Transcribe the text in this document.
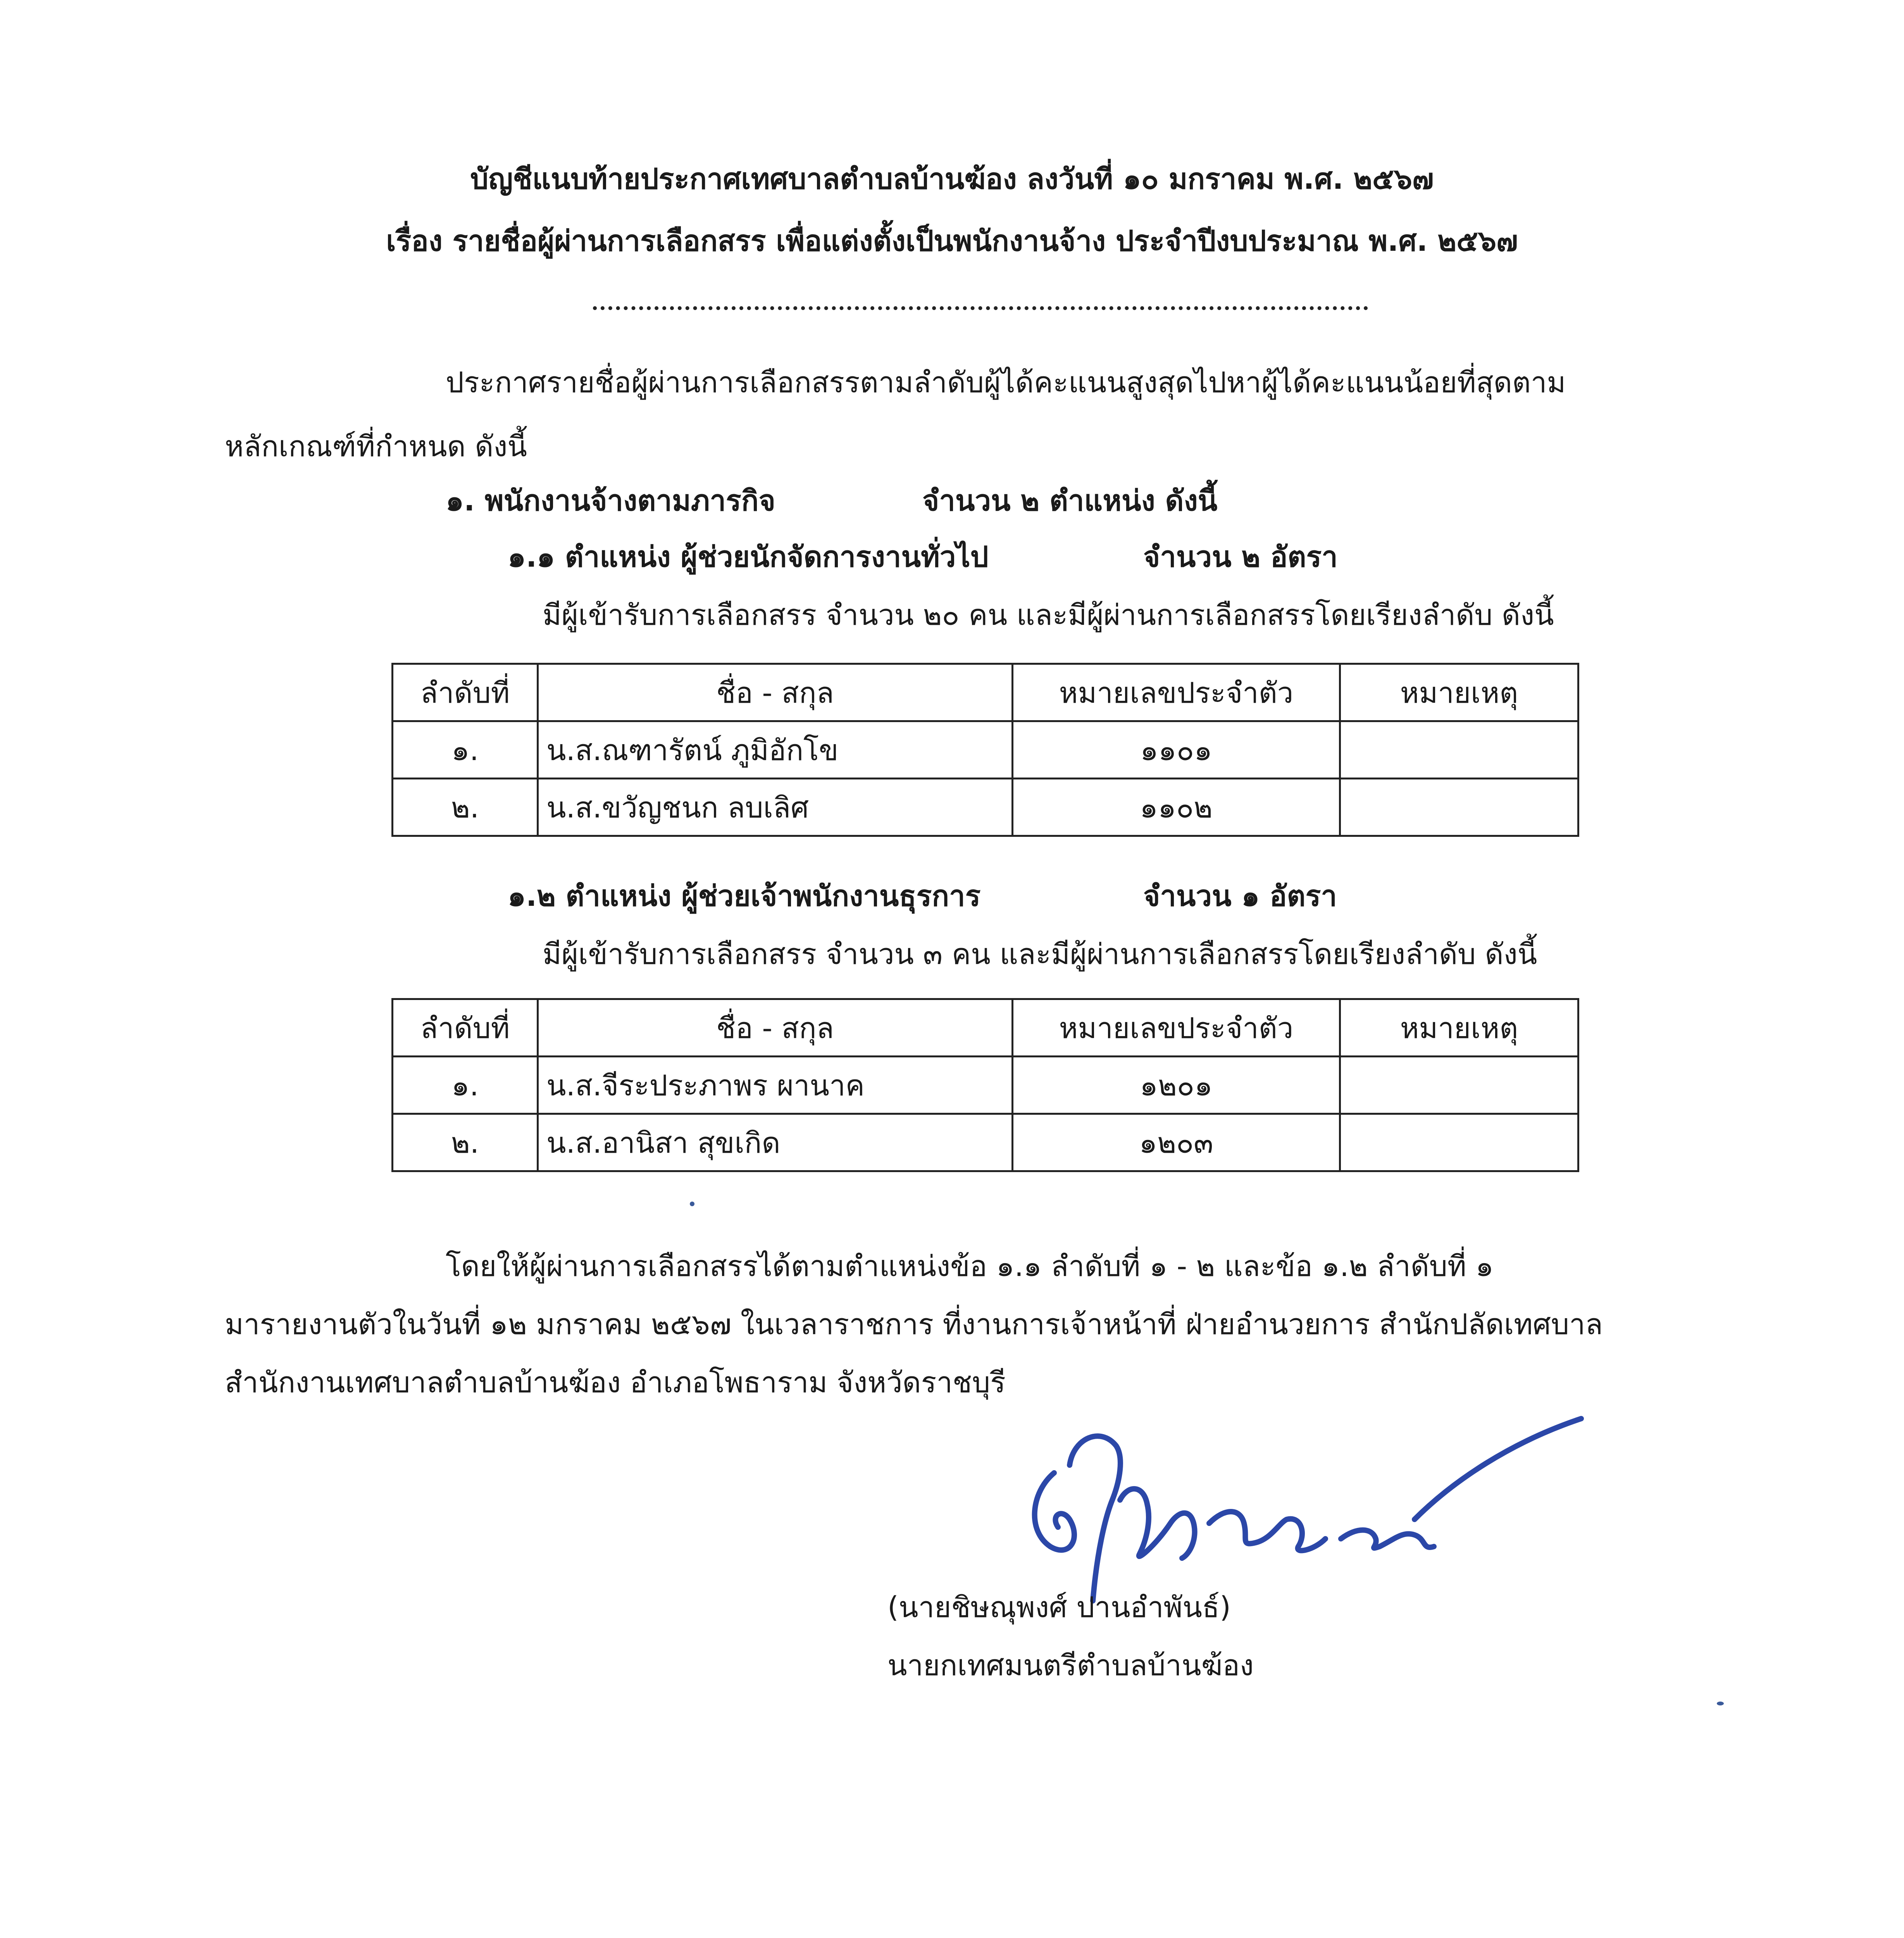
บัญชีแนบท้ายประกาศเทศบาลตำบลบ้านฆ้อง ลงวันที่ ๑๐ มกราคม พ.ศ. ๒๕๖๗
เรื่อง รายชื่อผู้ผ่านการเลือกสรร เพื่อแต่งตั้งเป็นพนักงานจ้าง ประจำปีงบประมาณ พ.ศ. ๒๕๖๗
ประกาศรายชื่อผู้ผ่านการเลือกสรรตามลำดับผู้ได้คะแนนสูงสุดไปหาผู้ได้คะแนนน้อยที่สุดตาม
หลักเกณฑ์ที่กำหนด ดังนี้
๑. พนักงานจ้างตามภารกิจ	จำนวน ๒ ตำแหน่ง ดังนี้
๑.๑ ตำแหน่ง ผู้ช่วยนักจัดการงานทั่วไป	จำนวน ๒ อัตรา
มีผู้เข้ารับการเลือกสรร จำนวน ๒๐ คน และมีผู้ผ่านการเลือกสรรโดยเรียงลำดับ ดังนี้
ลำดับที่	ชื่อ - สกุล	หมายเลขประจำตัว	หมายเหตุ
๑.	น.ส.ณฑารัตน์ ภูมิอักโข	๑๑๐๑	
๒.	น.ส.ขวัญชนก ลบเลิศ	๑๑๐๒	
๑.๒ ตำแหน่ง ผู้ช่วยเจ้าพนักงานธุรการ	จำนวน ๑ อัตรา
มีผู้เข้ารับการเลือกสรร จำนวน ๓ คน และมีผู้ผ่านการเลือกสรรโดยเรียงลำดับ ดังนี้
ลำดับที่	ชื่อ - สกุล	หมายเลขประจำตัว	หมายเหตุ
๑.	น.ส.จีระประภาพร ผานาค	๑๒๐๑	
๒.	น.ส.อานิสา สุขเกิด	๑๒๐๓	
โดยให้ผู้ผ่านการเลือกสรรได้ตามตำแหน่งข้อ ๑.๑ ลำดับที่ ๑ - ๒ และข้อ ๑.๒ ลำดับที่ ๑
มารายงานตัวในวันที่ ๑๒ มกราคม ๒๕๖๗ ในเวลาราชการ ที่งานการเจ้าหน้าที่ ฝ่ายอำนวยการ สำนักปลัดเทศบาล
สำนักงานเทศบาลตำบลบ้านฆ้อง อำเภอโพธาราม จังหวัดราชบุรี
(นายชิษณุพงศ์ ปานอำพันธ์)
นายกเทศมนตรีตำบลบ้านฆ้อง
